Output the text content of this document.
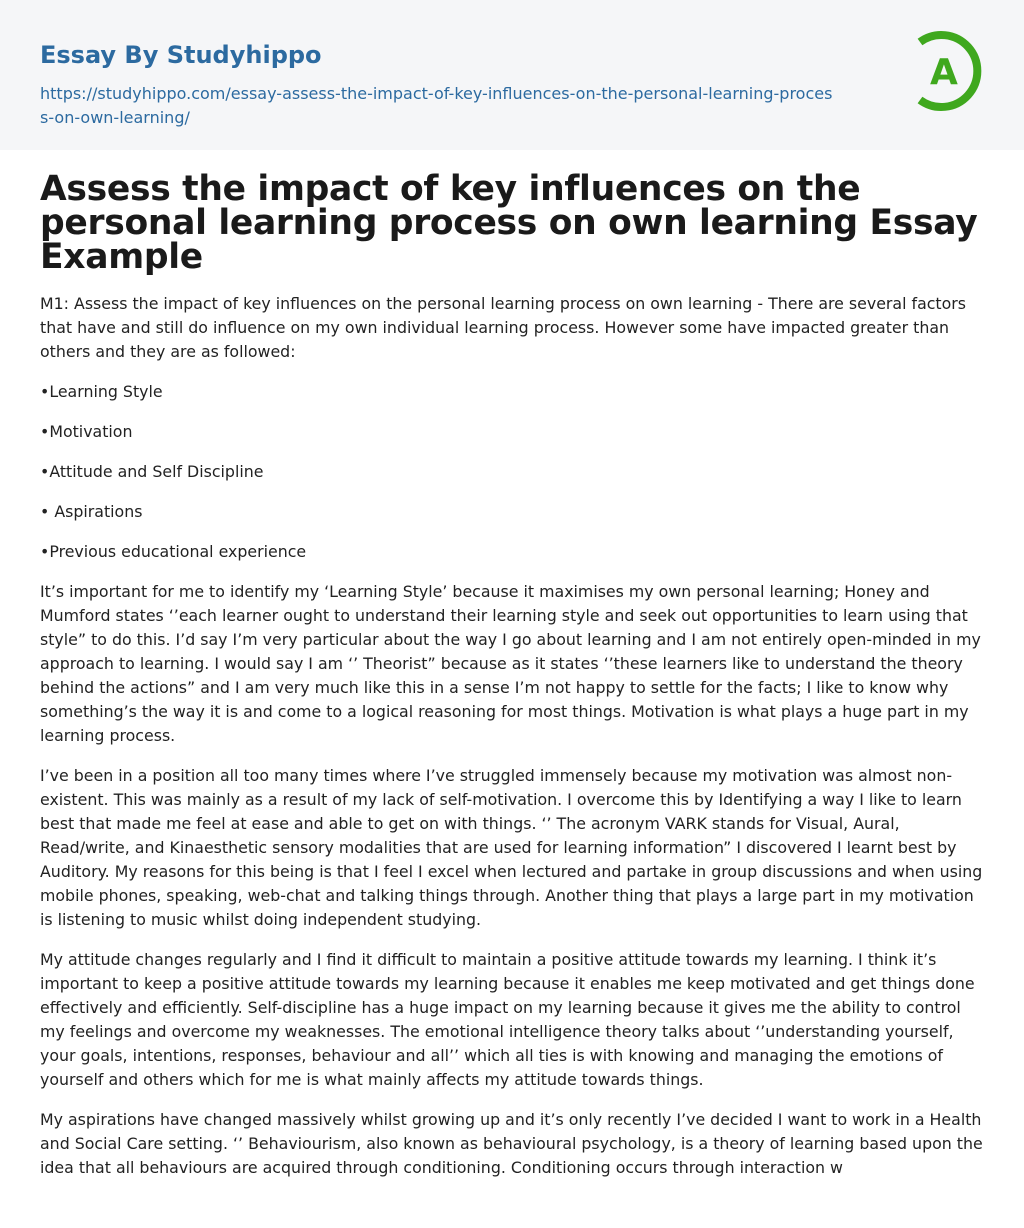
Essay By Studyhippo
https://studyhippo.com/essay-assess-the-impact-of-key-influences-on-the-personal-learning-process-on-own-learning/
A
Assess the impact of key influences on the personal learning process on own learning Essay Example

M1: Assess the impact of key influences on the personal learning process on own learning - There are several factors that have and still do influence on my own individual learning process. However some have impacted greater than others and they are as followed:

•Learning Style

•Motivation

•Attitude and Self Discipline

• Aspirations

•Previous educational experience

It’s important for me to identify my ‘Learning Style’ because it maximises my own personal learning; Honey and Mumford states ‘’each learner ought to understand their learning style and seek out opportunities to learn using that style” to do this. I’d say I’m very particular about the way I go about learning and I am not entirely open-minded in my approach to learning. I would say I am ‘’ Theorist” because as it states ‘’these learners like to understand the theory behind the actions” and I am very much like this in a sense I’m not happy to settle for the facts; I like to know why something’s the way it is and come to a logical reasoning for most things. Motivation is what plays a huge part in my learning process.

I’ve been in a position all too many times where I’ve struggled immensely because my motivation was almost non-existent. This was mainly as a result of my lack of self-motivation. I overcome this by Identifying a way I like to learn best that made me feel at ease and able to get on with things. ‘’ The acronym VARK stands for Visual, Aural, Read/write, and Kinaesthetic sensory modalities that are used for learning information” I discovered I learnt best by Auditory. My reasons for this being is that I feel I excel when lectured and partake in group discussions and when using mobile phones, speaking, web-chat and talking things through. Another thing that plays a large part in my motivation is listening to music whilst doing independent studying.

My attitude changes regularly and I find it difficult to maintain a positive attitude towards my learning. I think it’s important to keep a positive attitude towards my learning because it enables me keep motivated and get things done effectively and efficiently. Self-discipline has a huge impact on my learning because it gives me the ability to control my feelings and overcome my weaknesses. The emotional intelligence theory talks about ‘’understanding yourself, your goals, intentions, responses, behaviour and all’’ which all ties is with knowing and managing the emotions of yourself and others which for me is what mainly affects my attitude towards things.

My aspirations have changed massively whilst growing up and it’s only recently I’ve decided I want to work in a Health and Social Care setting. ‘’ Behaviourism, also known as behavioural psychology, is a theory of learning based upon the idea that all behaviours are acquired through conditioning. Conditioning occurs through interaction w
